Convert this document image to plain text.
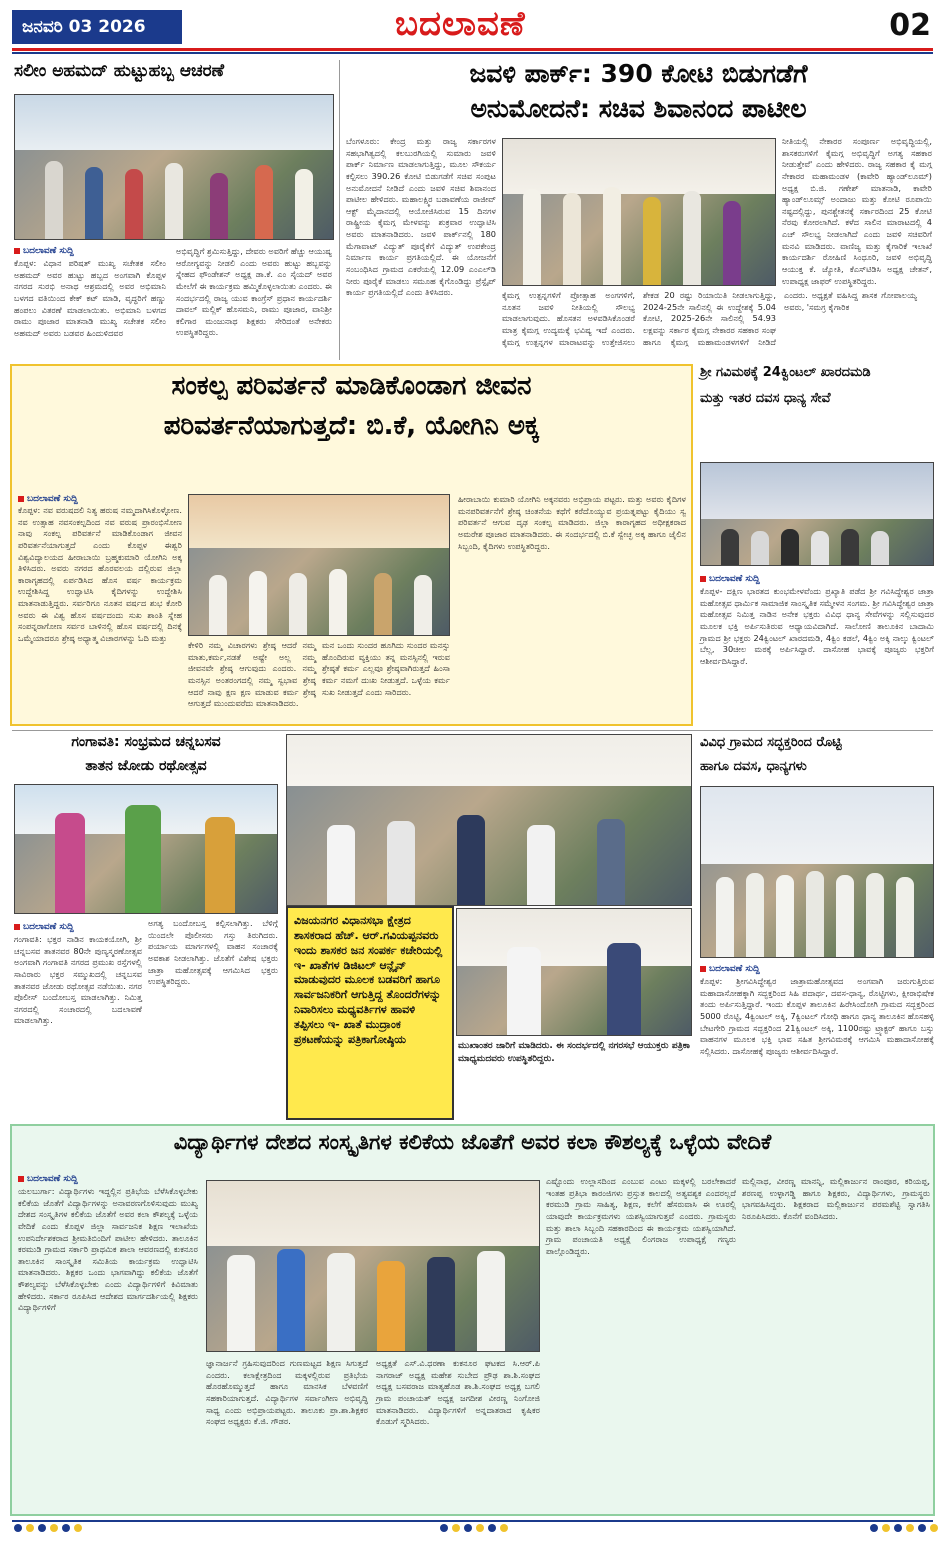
ಜನವರಿ 03 2026	ಬದಲಾವಣೆ	02
ಸಲೀಂ ಅಹಮದ್ ಹುಟ್ಟುಹಬ್ಬ ಆಚರಣೆ
ಬದಲಾವಣೆ ಸುದ್ದಿ
ಕೊಪ್ಪಳ: ವಿಧಾನ ಪರಿಷತ್ ಮುಖ್ಯ ಸಚೇತಕ ಸಲೀಂ ಅಹಮದ್ ಅವರ ಹುಟ್ಟು ಹಬ್ಬದ ಅಂಗವಾಗಿ ಕೊಪ್ಪಳ ನಗರದ ಸುರಭಿ ಅನಾಥ ಆಶ್ರಮದಲ್ಲಿ ಅವರ ಅಭಿಮಾನಿ ಬಳಗದ ವತಿಯಿಂದ ಕೇಕ್ ಕಟ್ ಮಾಡಿ, ವೃದ್ಧರಿಗೆ ಹಣ್ಣು ಹಂಪಲು ವಿತರಣೆ ಮಾಡಲಾಯಿತು. ಅಭಿಮಾನಿ ಬಳಗದ ರಾಮು ಪೂಜಾರ ಮಾತನಾಡಿ ಮುಖ್ಯ ಸಚೇತಕ ಸಲೀಂ ಅಹಮದ್ ಅವರು ಬಡವರ ಹಿಂದುಳಿದವರ
ಅಭಿವೃದ್ಧಿಗೆ ಶ್ರಮಿಸುತ್ತಿದ್ದು, ದೇವರು ಅವರಿಗೆ ಹೆಚ್ಚು ಆಯುಷ್ಯ ಆರೋಗ್ಯವನ್ನು ನೀಡಲಿ ಎಂದು ಅವರು ಹುಟ್ಟು ಹಬ್ಬವನ್ನು ಸ್ನೇಹದ ಫೌಂಡೇಶನ್ ಅಧ್ಯಕ್ಷ ಡಾ.ಕೆ. ಎಂ ಸೈಯದ್ ಅವರ ಮೇಲೆಗೆ ಈ ಕಾರ್ಯಕ್ರಮ ಹಮ್ಮಿಕೊಳ್ಳಲಾಯಿತು ಎಂದರು. ಈ ಸಂದರ್ಭದಲ್ಲಿ ರಾಜ್ಯ ಯುವ ಕಾಂಗ್ರೆಸ್ ಪ್ರಧಾನ ಕಾರ್ಯದರ್ಶಿ ದಾವಲ್ ಮಲ್ಲಿಕ್ ಹೊಸಮನಿ, ರಾಮು ಪೂಜಾರ, ವಾನಿಶ್ರೀ ಕಲಿಗಾರ ಮಂಜುನಾಥ ಶಿಕ್ಷಕರು ಸೇರಿದಂತೆ ಅನೇಕರು ಉಪಸ್ಥಿತರಿದ್ದರು.
ಜವಳಿ ಪಾರ್ಕ್: 390 ಕೋಟಿ ಬಿಡುಗಡೆಗೆ
ಅನುಮೋದನೆ: ಸಚಿವ ಶಿವಾನಂದ ಪಾಟೀಲ
ಬೆಂಗಳೂರು: ಕೇಂದ್ರ ಮತ್ತು ರಾಜ್ಯ ಸರ್ಕಾರಗಳ ಸಹಭಾಗಿತ್ವದಲ್ಲಿ ಕಲಬುರಗಿಯಲ್ಲಿ ಸುಮಾರು ಜವಳಿ ಪಾರ್ಕ್ ನಿರ್ಮಾಣ ಮಾಡಲಾಗುತ್ತಿದ್ದು, ಮೂಲ ಸೌಕರ್ಯ ಕಲ್ಪಿಸಲು 390.26 ಕೋಟಿ ಬಿಡುಗಡೆಗೆ ಸಚಿವ ಸಂಪುಟ ಅನುಮೋದನೆ ನೀಡಿದೆ ಎಂದು ಜವಳಿ ಸಚಿವ ಶಿವಾನಂದ ಪಾಟೀಲ ಹೇಳಿದರು. ಮಹಾಲಕ್ಷ್ಮಿರ ಬಡಾವಣೆಯ ರಾಜೀವ್ ಆಕ್ಟ್ ಮೈದಾನದಲ್ಲಿ ಆಯೋಜಿಸಿರುವ 15 ದಿನಗಳ ರಾಷ್ಟ್ರೀಯ ಕೈಮಗ್ಗ ಮೇಳವನ್ನು ಶುಕ್ರವಾರ ಉದ್ಘಾಟಿಸಿ ಅವರು ಮಾತನಾಡಿದರು. ಜವಳಿ ಪಾರ್ಕ್‌ನಲ್ಲಿ 180 ಮೆಗಾವಾಟ್ ವಿದ್ಯುತ್ ಪೂರೈಕೆಗೆ ವಿದ್ಯುತ್ ಉಪಕೇಂದ್ರ ನಿರ್ಮಾಣ ಕಾರ್ಯ ಪ್ರಗತಿಯಲ್ಲಿದೆ. ಈ ಯೋಜನೆಗೆ ಸಂಬಂಧಿಸಿದ ಗ್ರಾಮದ ಎಕರೆಯಲ್ಲಿ 12.09 ಎಂಎಲ್‌ಡಿ ನೀರು ಪೂರೈಕೆ ಮಾಡಲು ಸಮೂಹ ಕೈಗೊಂಡಿದ್ದು ಪ್ರೆಸ್ಪೈಪ್ ಕಾರ್ಯ ಪ್ರಗತಿಯಲ್ಲಿದೆ ಎಂದು ತಿಳಿಸಿದರು.	ಕೈಮಗ್ಗ ಉತ್ಪನ್ನಗಳಿಗೆ ಪ್ರೋತ್ಸಾಹ ಅಂಗಗಳಿಗೆ, ನೂತನ ಜವಳಿ ನೀತಿಯಲ್ಲಿ ಸೌಲಭ್ಯ ಮಾಡಲಾಗುವುದು. ಹೊಸತನ ಅಳವಡಿಸಿಕೊಂಡರೆ ಮಾತ್ರ ಕೈಮಗ್ಗ ಉದ್ಯಮಕ್ಕೆ ಭವಿಷ್ಯ ಇದೆ ಎಂದರು. ಕೈಮಗ್ಗ ಉತ್ಪನ್ನಗಳ ಮಾರಾಟವನ್ನು ಉತ್ತೇಜಿಸಲು ಶೇಕಡ 20 ರಷ್ಟು ರಿಯಾಯಿತಿ ನೀಡಲಾಗುತ್ತಿದ್ದು, 2024-25ನೇ ಸಾಲಿನಲ್ಲಿ ಈ ಉದ್ದೇಶಕ್ಕೆ 5.04 ಕೋಟಿ, 2025-26ನೇ ಸಾಲಿನಲ್ಲಿ 54.93 ಲಕ್ಷವನ್ನು ಸರ್ಕಾರ ಕೈಮಗ್ಗ ನೇಕಾರರ ಸಹಕಾರ ಸಂಘ ಹಾಗೂ ಕೈಮಗ್ಗ ಮಹಾಮಂಡಳಗಳಿಗೆ ನೀಡಿದೆ ಎಂದರು. ಅಧ್ಯಕ್ಷತೆ ವಹಿಸಿದ್ದ ಶಾಸಕ ಗೋಪಾಲಯ್ಯ ಅವರು, 'ಸಮಗ್ರ ಕೈಗಾರಿಕ
ನೀತಿಯಲ್ಲಿ ನೇಕಾರರ ಸಂಪೂರ್ಣ ಅಭಿವೃದ್ಧಿಯಲ್ಲಿ, ಶಾಸಕರುಗಳಿಗೆ ಕೈಮಗ್ಗ ಅಭಿವೃದ್ಧಿಗೆ ಅಗತ್ಯ ಸಹಕಾರ ನೀಡುತ್ತೇವೆ' ಎಂದು ಹೇಳಿದರು. ರಾಜ್ಯ ಸಹಕಾರ ಕೈ ಮಗ್ಗ ನೇಕಾರರ ಮಹಾಮಂಡಳ (ಕಾವೇರಿ ಹ್ಯಾಂಡ್‌ಲೂಮ್) ಅಧ್ಯಕ್ಷ ಬಿ.ಜಿ. ಗಣೇಶ್ ಮಾತನಾಡಿ, ಕಾವೇರಿ ಹ್ಯಾಂಡ್‌ಲೂಮ್ಸ್ ಅಂದಾಜು ಮತ್ತು ಕೋಟಿ ರೂಪಾಯಿ ನಷ್ಟದಲ್ಲಿದ್ದು, ಪುನಶ್ಚೇತನಕ್ಕೆ ಸರ್ಕಾರದಿಂದ 25 ಕೋಟಿ ನೆರವು ಕೋರಲಾಗಿದೆ. ಕಳೆದ ಸಾಲಿನ ಮಾರಾಟದಲ್ಲಿ 4 ಎಚ್ ಸೌಲಭ್ಯ ನೀಡಲಾಗಿದೆ ಎಂದು ಜವಳಿ ಸಚಿವರಿಗೆ ಮನವಿ ಮಾಡಿದರು. ವಾಣಿಜ್ಯ ಮತ್ತು ಕೈಗಾರಿಕೆ ಇಲಾಖೆ ಕಾರ್ಯದರ್ಶಿ ರೋಹಿಣಿ ಸಿಂಧೂರಿ, ಜವಳಿ ಅಭಿವೃದ್ಧಿ ಆಯುಕ್ತ ಕೆ. ಜ್ಯೋತಿ, ಕೆಎಸ್‌ಟಿಡಿಸಿ ಅಧ್ಯಕ್ಷ ಚೇತನ್, ಉಪಾಧ್ಯಕ್ಷ ಜಾಫರ್ ಉಪಸ್ಥಿತರಿದ್ದರು.
ಸಂಕಲ್ಪ ಪರಿವರ್ತನೆ ಮಾಡಿಕೊಂಡಾಗ ಜೀವನ
ಪರಿವರ್ತನೆಯಾಗುತ್ತದೆ: ಬಿ.ಕೆ, ಯೋಗಿನಿ ಅಕ್ಕ
ಬದಲಾವಣೆ ಸುದ್ದಿ
ಕೊಪ್ಪಳ: ನವ ವರುಷದಲಿ ನಿತ್ಯ ಹರುಷ ನಮ್ಮದಾಗಿಸಿಕೊಳ್ಳೋಣ. ನವ ಉತ್ಸಾಹ ನವಸಂಕಲ್ಪದಿಂದ ನವ ವರುಷ ಪ್ರಾರಂಭಿಸೋಣ ನಾವು ಸಂಕಲ್ಪ ಪರಿವರ್ತನೆ ಮಾಡಿಕೊಂಡಾಗ ಜೀವನ ಪರಿವರ್ತನೆಯಾಗುತ್ತದೆ ಎಂದು ಕೊಪ್ಪಳ ಈಶ್ವರಿ ವಿಶ್ವವಿದ್ಯಾಲಯದ ಹೀರಾಬಾಯಿ ಬ್ರಹ್ಮಕುಮಾರಿ ಯೋಗಿನಿ ಅಕ್ಕ ತಿಳಿಸಿದರು. ಅವರು ನಗರದ ಹೊರವಲಯ ದಲ್ಲಿರುವ ಜಿಲ್ಲಾ ಕಾರಾಗೃಹದಲ್ಲಿ ಏರ್ಪಡಿಸಿದ ಹೊಸ ವರ್ಷ ಕಾರ್ಯಕ್ರಮ ಉದ್ದೇಶಿಸಿದ್ದ ಉದ್ಘಾಟಿಸಿ ಕೈದಿಗಳನ್ನು ಉದ್ದೇಶಿಸಿ ಮಾತನಾಡುತ್ತಿದ್ದರು. ಸರ್ವರಿಗೂ ನೂತನ ವರ್ಷದ ಶುಭ ಕೋರಿ ಅವರು ಈ ವಿಶ್ವ ಹೊಸ ವರ್ಷದಂದು ಸುಖ ಶಾಂತಿ ಸ್ನೇಹ ಸಂಪನ್ನರಾಗೋಣ ಸರ್ವರ ಬಾಳಿನಲ್ಲಿ ಹೊಸ ವರ್ಷದಲ್ಲಿ ದಿನಕ್ಕೆ ಒಮ್ಮೆಯಾದರೂ ಶ್ರೇಷ್ಠ ಅಧ್ಯಾತ್ಮ ವಿಚಾರಗಳನ್ನು ಓದಿ ಮತ್ತು
ಕೇಳಿರಿ ನಮ್ಮ ವಿಚಾರಗಳು ಶ್ರೇಷ್ಠ ಆದರೆ ನಮ್ಮ ಮಾತು,ಕರ್ಮ,ನಡತೆ ಅಷ್ಟೇ ಅಲ್ಲ ನಮ್ಮ ಜೀವನವೇ ಶ್ರೇಷ್ಠ ಆಗುವುದು ಎಂದರು. ನಮ್ಮ ಮನಸ್ಸಿನ ಅಂತರಂಗದಲ್ಲಿ ನಮ್ಮ ಸ್ವಭಾವ ಶ್ರೇಷ್ಠ ಆದರೆ ನಾವು ಕ್ಷಣ ಕ್ಷಣ ಮಾಡುವ ಕರ್ಮ ಶ್ರೇಷ್ಠ ಆಗುತ್ತದೆ ಮುಂದುವರೆದು ಮಾತನಾಡಿದರು.
ಮನ ಒಂದು ಸುಂದರ ಹೂಗಿದು ಸುಂದರ ಮನಸ್ಸು ಹೊಂದಿರುವ ವ್ಯಕ್ತಿಯು ತನ್ನ ಮನಸ್ಸಿನಲ್ಲಿ ಇರುವ ಶ್ರೇಷ್ಠತೆ ಕರ್ಮ ಎಲ್ಲವೂ ಶ್ರೇಷ್ಠವಾಗಿರುತ್ತದೆ ಹಿಂಸಾ ಕರ್ಮ ನಮಗೆ ದುಃಖ ನೀಡುತ್ತದೆ. ಒಳ್ಳೆಯ ಕರ್ಮ ಸುಖ ನೀಡುತ್ತದೆ ಎಂದು ಸಾರಿದರು.
ಹೀರಾಬಾಯಿ ಕುಮಾರಿ ಯೋಗಿನಿ ಅಕ್ಕನವರು ಅಭಿಪ್ರಾಯ ಪಟ್ಟರು. ಮತ್ತು ಅವರು ಕೈದಿಗಳ ಮನಪರಿವರ್ತನೆಗೆ ಶ್ರೇಷ್ಠ ಚಿಂತನೆಯ ಕಥೆಗೆ ಕರೆದೊಯ್ಯುವ ಪ್ರಯತ್ನಪಟ್ಟು ಕೈದಿಯು ಸ್ವ ಪರಿವರ್ತನೆ ಆಗುವ ದೃಢ ಸಂಕಲ್ಪ ಮಾಡಿದರು. ಜಿಲ್ಲಾ ಕಾರಾಗೃಹದ ಅಧೀಕ್ಷಕರಾದ ಅಮರೇಶ ಪೂಜಾರ ಮಾತನಾಡಿದರು. ಈ ಸಂದರ್ಭದಲ್ಲಿ ಬಿ.ಕೆ ಸ್ವೇಚ್ಛ ಅಕ್ಕ ಹಾಗೂ ಜೈಲಿನ ಸಿಬ್ಬಂದಿ, ಕೈದಿಗಳು ಉಪಸ್ಥಿತರಿದ್ದರು.
ಶ್ರೀ ಗವಿಮಠಕ್ಕೆ 24ಕ್ವಿಂಟಲ್ ಖಾರದಮಡಿ
ಮತ್ತು ಇತರ ದವಸ ಧಾನ್ಯ ಸೇವೆ
ಬದಲಾವಣೆ ಸುದ್ದಿ
ಕೊಪ್ಪಳ- ದಕ್ಷಿಣ ಭಾರತದ ಕುಂಭಮೇಳವೆಂದು ಪ್ರಖ್ಯಾತಿ ಪಡೆದ ಶ್ರೀ ಗವಿಸಿದ್ಧೇಶ್ವರ ಜಾತ್ರಾ ಮಹೋತ್ಸವ ಧಾರ್ಮಿಕ ಸಾಮಾಜಿಕ ಸಾಂಸ್ಕೃತಿಕ ಸಮ್ಮೇಳನ ಸಂಗಮ. ಶ್ರೀ ಗವಿಸಿದ್ಧೇಶ್ವರ ಜಾತ್ರಾ ಮಹೋತ್ಸವ ನಿಮಿತ್ತ ನಾಡಿನ ಅನೇಕ ಭಕ್ತರು ವಿವಿಧ ಧಾನ್ಯ ಸೇವೆಗಳನ್ನು ಸಲ್ಲಿಸುವುದರ ಮೂಲಕ ಭಕ್ತಿ ಅರ್ಪಿಸುತಿರುವ ಆಧ್ಯಾಯವಿದಾಗಿದೆ. ಸಾಲೋಣಿ ತಾಲೂಕಿನ ಬಾದಾಮಿ ಗ್ರಾಮದ ಶ್ರೀ ಭಕ್ತರು 24ಕ್ವಿಂಟಲ್ ಖಾರದಮಡಿ, 4ಕ್ವಿಂ ಕಡಲೆ, 4ಕ್ವಿಂ ಅಕ್ಕಿ ನಾಲ್ಕು ಕ್ವಿಂಟಲ್ ಬೆಲ್ಲ, 30ಚೀಲ ಮಠಕ್ಕೆ ಅರ್ಪಿಸಿದ್ದಾರೆ. ದಾಸೋಹ ಭಾವಕ್ಕೆ ಪೂಜ್ಯರು ಭಕ್ತರಿಗೆ ಆಶೀರ್ವದಿಸಿದ್ದಾರೆ.
ಗಂಗಾವತಿ: ಸಂಭ್ರಮದ ಚನ್ನಬಸವ
ತಾತನ ಜೋಡು ರಥೋತ್ಸವ
ಬದಲಾವಣೆ ಸುದ್ದಿ
ಗಂಗಾವತಿ: ಭಕ್ತರ ನಾಡಿನ ಕಾಯಕಯೋಗಿ, ಶ್ರೀ ಚನ್ನಬಸವ ತಾತನವರ 80ನೇ ಪುಣ್ಯಸ್ಮರಣೋತ್ಸವ ಅಂಗವಾಗಿ ಗಂಗಾವತಿ ನಗರದ ಪ್ರಮುಖ ರಸ್ತೆಗಳಲ್ಲಿ ಸಾವಿರಾರು ಭಕ್ತರ ಸಮ್ಮುಖದಲ್ಲಿ ಚನ್ನಬಸವ ತಾತನವರ ಜೋಡು ರಥೋತ್ಸವ ನಡೆಯಿತು. ನಗರ ಪೊಲೀಸ್ ಬಂದೋಬಸ್ತ ಮಾಡಲಾಗಿತ್ತು. ನಿಮಿತ್ತ ನಗರದಲ್ಲಿ ಸಂಚಾರದಲ್ಲಿ ಬದಲಾವಣೆ ಮಾಡಲಾಗಿತ್ತು.
ಅಗತ್ಯ ಬಂದೋಬಸ್ತ ಕಲ್ಪಿಸಲಾಗಿತ್ತು. ಬೆಳಿಗ್ಗೆ ಯಿಂದಲೇ ಪೊಲೀಸರು ಗಸ್ತು ತಿರುಗಿದರು. ಪರ್ಯಾಯ ಮಾರ್ಗಗಳಲ್ಲಿ ವಾಹನ ಸಂಚಾರಕ್ಕೆ ಅವಕಾಶ ನೀಡಲಾಗಿತ್ತು. ಜೊತೆಗೆ ವಿಶೇಷ ಭಕ್ತರು ಜಾತ್ರಾ ಮಹೋತ್ಸವಕ್ಕೆ ಆಗಮಿಸಿದ ಭಕ್ತರು ಉಪಸ್ಥಿತರಿದ್ದರು.
ವಿಜಯನಗರ ವಿಧಾನಸಭಾ ಕ್ಷೇತ್ರದ ಶಾಸಕರಾದ ಹೆಚ್. ಆರ್.ಗವಿಯಪ್ಪನವರು ಇಂದು ಶಾಸಕರ ಜನ ಸಂಪರ್ಕ ಕಚೇರಿಯಲ್ಲಿ ಇ- ಖಾತೆಗಳ ಡಿಜಿಟಲ್ ಆನ್ಲೈನ್ ಮಾಡುವುದರ ಮೂಲಕ ಬಡವರಿಗೆ ಹಾಗೂ ಸಾರ್ವಜನಿಕರಿಗೆ ಆಗುತ್ತಿದ್ದ ತೊಂದರೆಗಳನ್ನು ನಿವಾರಿಸಲು ಮಧ್ಯವರ್ತಿಗಳ ಹಾವಳಿ ತಪ್ಪಿಸಲು ಇ- ಖಾತೆ ಮುದ್ರಾಂಕ ಪ್ರಕಟಣೆಯನ್ನು ಪತ್ರಿಕಾಗೋಷ್ಠಿಯ
ಮುಖಾಂತರ ಜಾರಿಗೆ ಮಾಡಿದರು. ಈ ಸಂದರ್ಭದಲ್ಲಿ ನಗರಸಭೆ ಆಯುಕ್ತರು ಪತ್ರಿಕಾ ಮಾಧ್ಯಮದವರು ಉಪಸ್ಥಿತರಿದ್ದರು.
ವಿವಿಧ ಗ್ರಾಮದ ಸದ್ಭಕ್ತರಿಂದ ರೊಟ್ಟಿ
ಹಾಗೂ ದವಸ, ಧಾನ್ಯಗಳು
ಬದಲಾವಣೆ ಸುದ್ದಿ
ಕೊಪ್ಪಳ: ಶ್ರೀಗವಿಸಿದ್ಧೇಶ್ವರ ಜಾತ್ರಾಮಹೋತ್ಸವದ ಅಂಗವಾಗಿ ಜರುಗುತ್ತಿರುವ ಮಹಾದಾಸೋಹಕ್ಕಾಗಿ ಸದ್ಭಕ್ತರಿಂದ ಸಿಹಿ ಪದಾರ್ಥ, ದವಸ-ಧಾನ್ಯ, ರೊಟ್ಟಿಗಳು, ಕ್ಷೀರಾಭಿಷೇಕ ತಂದು ಅರ್ಪಿಸುತ್ತಿದ್ದಾರೆ. ಇಂದು ಕೊಪ್ಪಳ ತಾಲೂಕಿನ ಹಿರೇಸಿಂದೋಗಿ ಗ್ರಾಮದ ಸದ್ಭಕ್ತರಿಂದ 5000 ರೊಟ್ಟಿ, 4ಕ್ವಿಂಟಲ್ ಅಕ್ಕಿ, 7ಕ್ವಿಂಟಲ್ ಗೋಧಿ ಹಾಗೂ ಧಾನ್ಯ ತಾಲೂಕಿನ ಹೊಸಹಳ್ಳಿ ಬೇಟಗೇರಿ ಗ್ರಾಮದ ಸದ್ಭಕ್ತರಿಂದ 21ಕ್ವಿಂಟಲ್ ಅಕ್ಕಿ, 1100ರಷ್ಟು ಟ್ರ್ಯಾಕ್ಟರ್ ಹಾಗೂ ಬಸ್ಸು ವಾಹನಗಳ ಮೂಲಕ ಭಕ್ತಿ ಭಾವ ಸಹಿತ ಶ್ರೀಗವಿಮಠಕ್ಕೆ ಆಗಮಿಸಿ ಮಹಾದಾಸೋಹಕ್ಕೆ ಸಲ್ಲಿಸಿದರು. ದಾಸೋಹಕ್ಕೆ ಪೂಜ್ಯರು ಆಶೀರ್ವದಿಸಿದ್ದಾರೆ.
ವಿದ್ಯಾರ್ಥಿಗಳ ದೇಶದ ಸಂಸ್ಕೃತಿಗಳ ಕಲಿಕೆಯ ಜೊತೆಗೆ ಅವರ ಕಲಾ ಕೌಶಲ್ಯಕ್ಕೆ ಒಳ್ಳೆಯ ವೇದಿಕೆ
ಬದಲಾವಣೆ ಸುದ್ದಿ
ಯಲಬುರ್ಗಾ: ವಿದ್ಯಾರ್ಥಿಗಳು ಇದ್ದಲ್ಲಿನ ಪ್ರತಿಭೆಯ ಬೆಳೆಸಿಕೊಳ್ಳಬೇಕು ಕಲಿಕೆಯ ಜೊತೆಗೆ ವಿದ್ಯಾರ್ಥಿಗಳನ್ನು ಅನಾವರಣಗೊಳಿಸುವುದು ಮುಖ್ಯ ದೇಶದ ಸಂಸ್ಕೃತಿಗಳ ಕಲಿಕೆಯ ಜೊತೆಗೆ ಅವರ ಕಲಾ ಕೌಶಲ್ಯಕ್ಕೆ ಒಳ್ಳೆಯ ವೇದಿಕೆ ಎಂದು ಕೊಪ್ಪಳ ಜಿಲ್ಲಾ ಸಾರ್ವಜನಿಕ ಶಿಕ್ಷಣ ಇಲಾಖೆಯ ಉಪನಿರ್ದೇಶಕರಾದ ಶ್ರೀಮತಿಬಿಂದಿಗೆ ಪಾಟೀಲ ಹೇಳಿದರು. ತಾಲೂಕಿನ ಕರಮುಡಿ ಗ್ರಾಮದ ಸರ್ಕಾರಿ ಪ್ರಾಥಮಿಕ ಶಾಲಾ ಆವರಣದಲ್ಲಿ ಕುಕನೂರ ತಾಲೂಕಿನ ಸಾಂಸ್ಕೃತಿಕ ಸಮಿತಿಯ ಕಾರ್ಯಕ್ರಮ ಉದ್ಘಾಟಿಸಿ ಮಾತನಾಡಿದರು. ಶಿಕ್ಷಕರ ಒಂದು ಭಾಗವಾಗಿದ್ದು ಕಲಿಕೆಯ ಜೊತೆಗೆ ಕೌಶಲ್ಯವನ್ನು ಬೆಳೆಸಿಕೊಳ್ಳಬೇಕು ಎಂದು ವಿದ್ಯಾರ್ಥಿಗಳಿಗೆ ಕಿವಿಮಾತು ಹೇಳಿದರು. ಸರ್ಕಾರ ರೂಪಿಸಿದ ಆದೇಶದ ಮಾರ್ಗದರ್ಶಿಯಲ್ಲಿ ಶಿಕ್ಷಕರು ವಿದ್ಯಾರ್ಥಿಗಳಿಗೆ
ಜ್ಞಾನಾರ್ಜನೆ ಗ್ರಹಿಸುವುದರಿಂದ ಗುಣಮಟ್ಟದ ಶಿಕ್ಷಣ ಸಿಗುತ್ತದೆ ಎಂದರು. ಕಲಾಕ್ಷೇತ್ರದಿಂದ ಮಕ್ಕಳಲ್ಲಿರುವ ಪ್ರತಿಭೆಯ ಹೊರಹೊಮ್ಮುತ್ತದೆ ಹಾಗೂ ಮಾನಸಿಕ ಬೆಳವಣಿಗೆ ಸಹಕಾರಿಯಾಗುತ್ತದೆ. ವಿದ್ಯಾರ್ಥಿಗಳ ಸರ್ವಾಂಗೀಣ ಅಭಿವೃದ್ಧಿ ಸಾಧ್ಯ ಎಂದು ಅಭಿಪ್ರಾಯಪಟ್ಟರು. ತಾಲೂಕು ಪ್ರಾ.ಶಾ.ಶಿಕ್ಷಕರ ಸಂಘದ ಅಧ್ಯಕ್ಷರು ಕೆ.ಜಿ. ಗೌಡರ.
ಅಧ್ಯಕ್ಷತೆ ಎಸ್.ವಿ.ಧರಣಾ ಕುಕನೂರ ಘಟಕದ ಸಿ.ಆರ್.ಪಿ ನಾಗರಾಜ್ ಅಧ್ಯಕ್ಷ ಮಹೇಶ ಸುಬೇದ ಪ್ರೌಢ ಶಾ.ಶಿ.ಸಂಘದ ಅಧ್ಯಕ್ಷ ಬಸವರಾಜ ಮಾತ್ಯಹೊಡ ಶಾ.ಶಿ.ಸಂಘದ ಅಧ್ಯಕ್ಷ ಬಗಲಿ ಗ್ರಾಮ ಪಂಚಾಯತ್ ಅಧ್ಯಕ್ಷ ಜಗದೀಶ ವೀರಣ್ಣ ನಿಂಗೋಜಿ ಮಾತನಾಡಿದರು. ವಿದ್ಯಾರ್ಥಿಗಳಿಗೆ ಅನ್ನದಾತರಾದ ಕೃಷಿಕರ ಕೊಡುಗೆ ಸ್ಮರಿಸಿದರು.
ಎಷ್ಟೊಂದು ಉಲ್ಲಾಸದಿಂದ ಎಂಬುವ ಎಂಟು ಮಕ್ಕಳಲ್ಲಿ ಬರಲೇಕಾದರೆ ಇಂತಹ ಪ್ರತಿಭಾ ಕಾರಂಜಿಗಳು ಪ್ರಸ್ತುತ ಕಾಲದಲ್ಲಿ ಅತ್ಯವಶ್ಯಕ ಎಂದರಲ್ಲದೆ ಕರಮುಡಿ ಗ್ರಾಮ ಸಾಹಿತ್ಯ, ಶಿಕ್ಷಣ, ಕಲೆಗೆ ಹೆಸರುವಾಸಿ ಈ ಊರಲ್ಲಿ ಯಾವುದೇ ಕಾರ್ಯಕ್ರಮಗಳು ಯಶಸ್ವಿಯಾಗುತ್ತವೆ ಎಂದರು. ಗ್ರಾಮಸ್ಥರು ಮತ್ತು ಶಾಲಾ ಸಿಬ್ಬಂದಿ ಸಹಕಾರದಿಂದ ಈ ಕಾರ್ಯಕ್ರಮ ಯಶಸ್ವಿಯಾಗಿದೆ. ಗ್ರಾಮ ಪಂಚಾಯತಿ ಅಧ್ಯಕ್ಷೆ ಲಿಂಗರಾಜ ಉಪಾಧ್ಯಕ್ಷೆ ಗಣ್ಯರು ಪಾಲ್ಗೊಂಡಿದ್ದರು.
ಮಲ್ಲಿನಾಥ, ವೀರಣ್ಣ ಮಾನನ್ನಿ, ಮಲ್ಲಿಕಾರ್ಜುನ ರಾಂಪೂರ, ಕರಿಯಪ್ಪ, ಶರಣಪ್ಪ ಉಳ್ಳಾಗಡ್ಡಿ ಹಾಗೂ ಶಿಕ್ಷಕರು, ವಿದ್ಯಾರ್ಥಿಗಳು, ಗ್ರಾಮಸ್ಥರು ಭಾಗವಹಿಸಿದ್ದರು. ಶಿಕ್ಷಕರಾದ ಮಲ್ಲಿಕಾರ್ಜುನ ಪರಮಶೆಟ್ಟಿ ಸ್ವಾಗತಿಸಿ ನಿರೂಪಿಸಿದರು. ಕೊನೆಗೆ ವಂದಿಸಿದರು.
